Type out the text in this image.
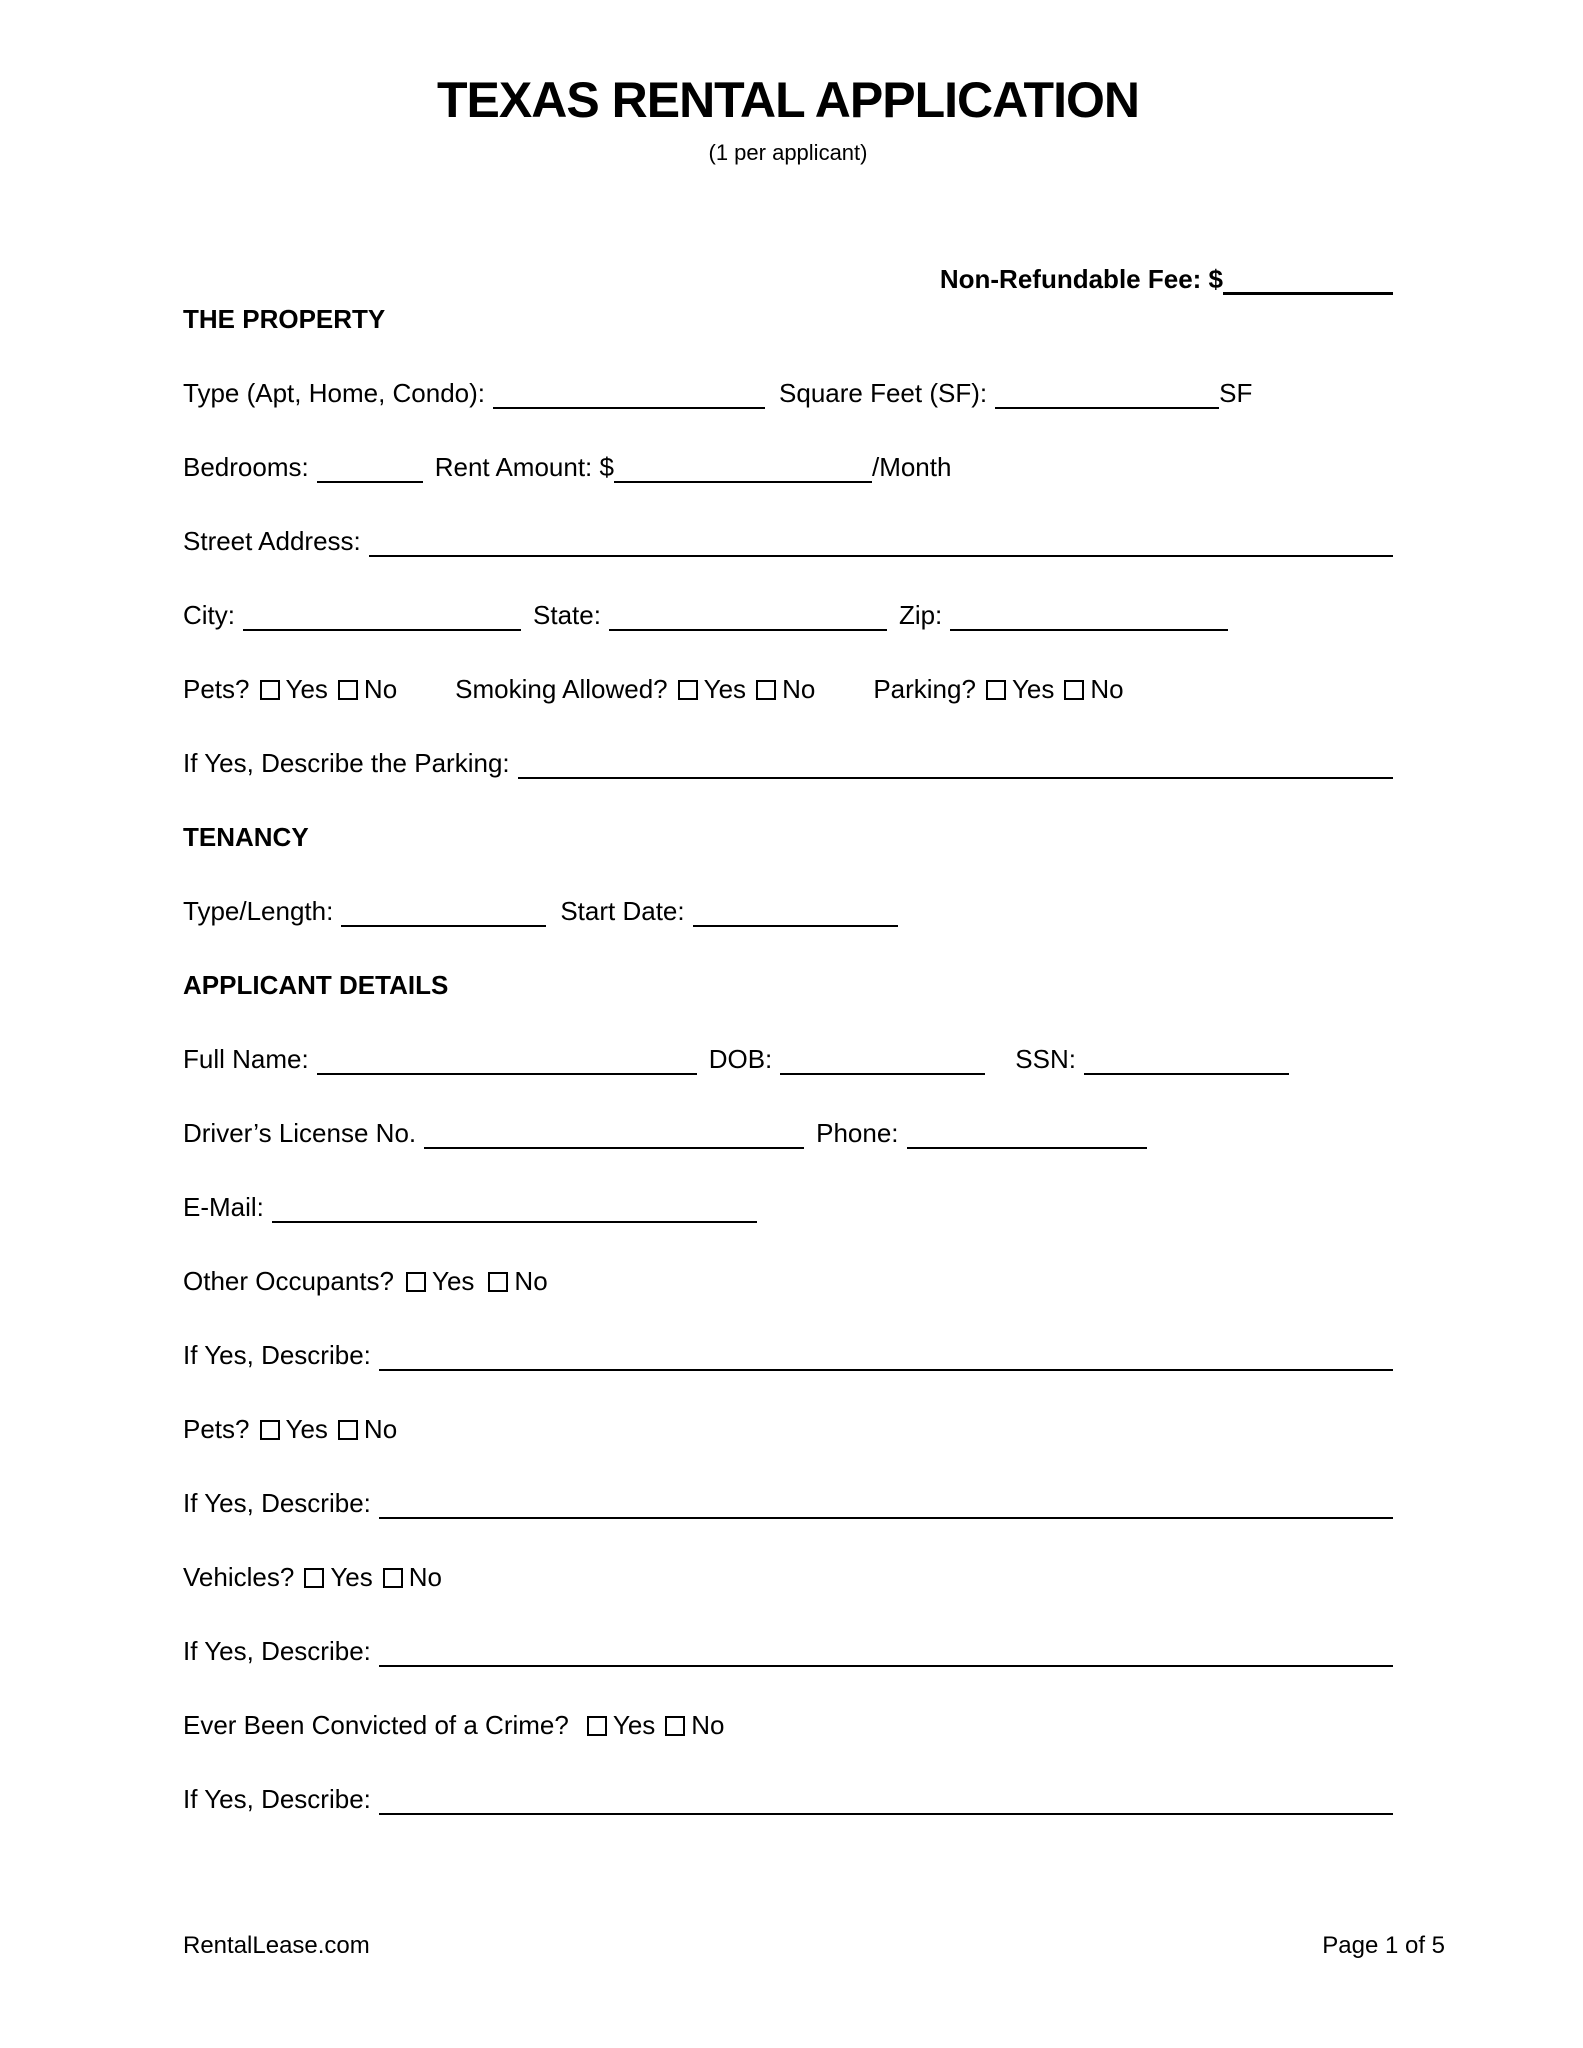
TEXAS RENTAL APPLICATION
(1 per applicant)
Non-Refundable Fee: $
THE PROPERTY
Type (Apt, Home, Condo):	Square Feet (SF):	SF
Bedrooms:	Rent Amount: $	/Month
Street Address:
City:	State:	Zip:
Pets? Yes No Smoking Allowed? Yes No Parking? Yes No
If Yes, Describe the Parking:
TENANCY
Type/Length:	Start Date:
APPLICANT DETAILS
Full Name:	DOB:	SSN:
Driver’s License No.	Phone:
E-Mail:
Other Occupants? Yes No
If Yes, Describe:
Pets? Yes No
If Yes, Describe:
Vehicles? Yes No
If Yes, Describe:
Ever Been Convicted of a Crime? Yes No
If Yes, Describe:
RentalLease.com	Page 1 of 5
